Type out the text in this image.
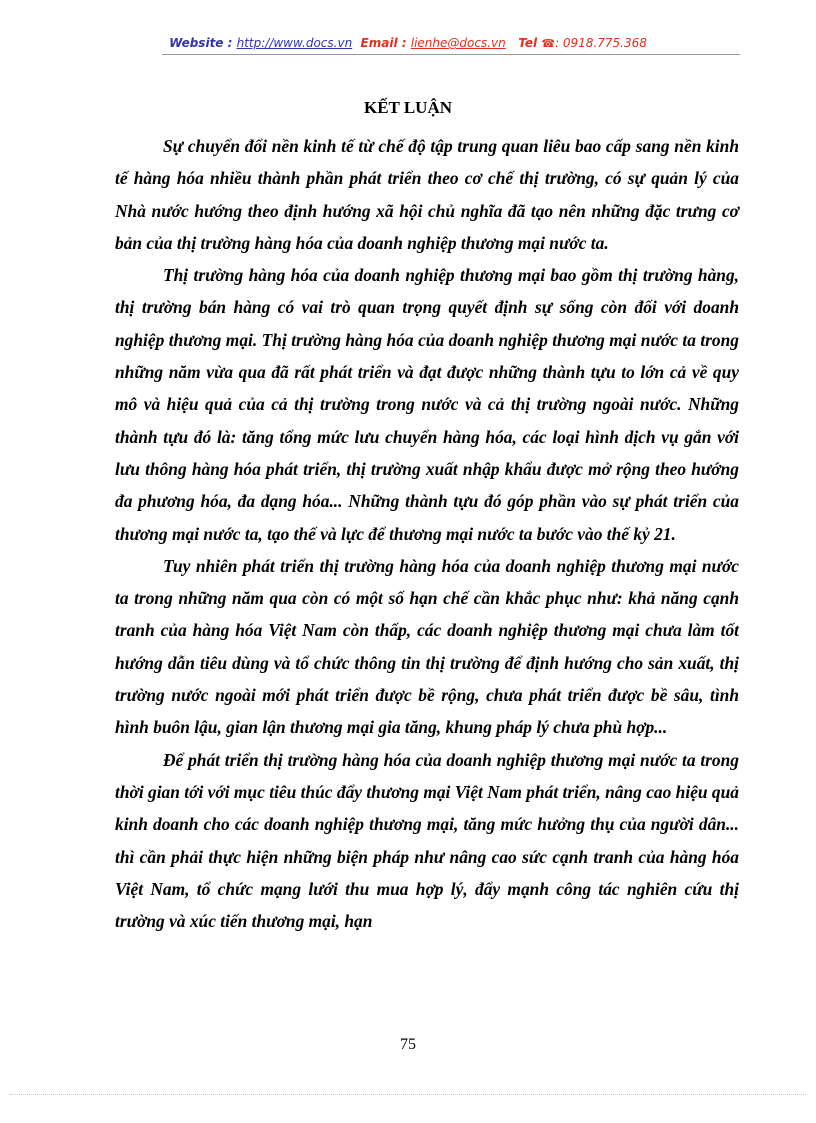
Website : http://www.docs.vn Email : lienhe@docs.vn Tel ☎: 0918.775.368
KẾT LUẬN

Sự chuyển đổi nền kinh tế từ chế độ tập trung quan liêu bao cấp sang nền kinh tế hàng hóa nhiều thành phần phát triển theo cơ chế thị trường, có sự quản lý của Nhà nước hướng theo định hướng xã hội chủ nghĩa đã tạo nên những đặc trưng cơ bản của thị trường hàng hóa của doanh nghiệp thương mại nước ta.

Thị trường hàng hóa của doanh nghiệp thương mại bao gồm thị trường hàng, thị trường bán hàng có vai trò quan trọng quyết định sự sống còn đối với doanh nghiệp thương mại. Thị trường hàng hóa của doanh nghiệp thương mại nước ta trong những năm vừa qua đã rất phát triển và đạt được những thành tựu to lớn cả về quy mô và hiệu quả của cả thị trường trong nước và cả thị trường ngoài nước. Những thành tựu đó là: tăng tổng mức lưu chuyển hàng hóa, các loại hình dịch vụ gắn với lưu thông hàng hóa phát triển, thị trường xuất nhập khẩu được mở rộng theo hướng đa phương hóa, đa dạng hóa... Những thành tựu đó góp phần vào sự phát triển của thương mại nước ta, tạo thế và lực để thương mại nước ta bước vào thế kỷ 21.

Tuy nhiên phát triển thị trường hàng hóa của doanh nghiệp thương mại nước ta trong những năm qua còn có một số hạn chế cần khắc phục như: khả năng cạnh tranh của hàng hóa Việt Nam còn thấp, các doanh nghiệp thương mại chưa làm tốt hướng dẫn tiêu dùng và tổ chức thông tin thị trường để định hướng cho sản xuất, thị trường nước ngoài mới phát triển được bề rộng, chưa phát triển được bề sâu, tình hình buôn lậu, gian lận thương mại gia tăng, khung pháp lý chưa phù hợp...

Để phát triển thị trường hàng hóa của doanh nghiệp thương mại nước ta trong thời gian tới với mục tiêu thúc đẩy thương mại Việt Nam phát triển, nâng cao hiệu quả kinh doanh cho các doanh nghiệp thương mại, tăng mức hưởng thụ của người dân... thì cần phải thực hiện những biện pháp như nâng cao sức cạnh tranh của hàng hóa Việt Nam, tổ chức mạng lưới thu mua hợp lý, đẩy mạnh công tác nghiên cứu thị trường và xúc tiến thương mại, hạn

75
